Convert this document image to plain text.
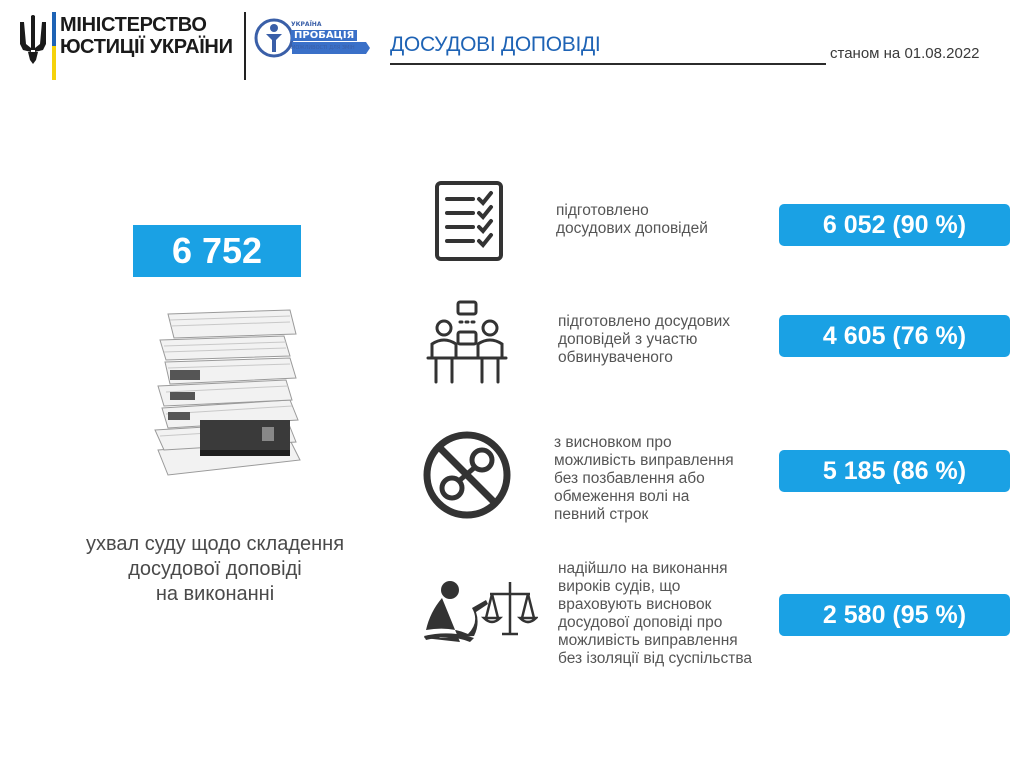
МІНІСТЕРСТВО
ЮСТИЦІЇ УКРАЇНИ
УКРАЇНА
ПРОБАЦІЯ
МОЖЛИВОСТІ ДЛЯ ЗМІН ДОСУДОВІ ДОПОВІДІ	станом на 01.08.2022
6 752
ухвал суду щодо складення
досудової доповіді
на виконанні
підготовлено
досудових доповідей	6 052 (90 %)
підготовлено досудових
доповідей з участю
обвинуваченого
4 605 (76 %)
з висновком про
можливість виправлення
без позбавлення або
обмеження волі на
певний строк
5 185 (86 %)
надійшло на виконання
вироків судів, що
враховують висновок
досудової доповіді про
можливість виправлення
без ізоляції від суспільства
2 580 (95 %)
